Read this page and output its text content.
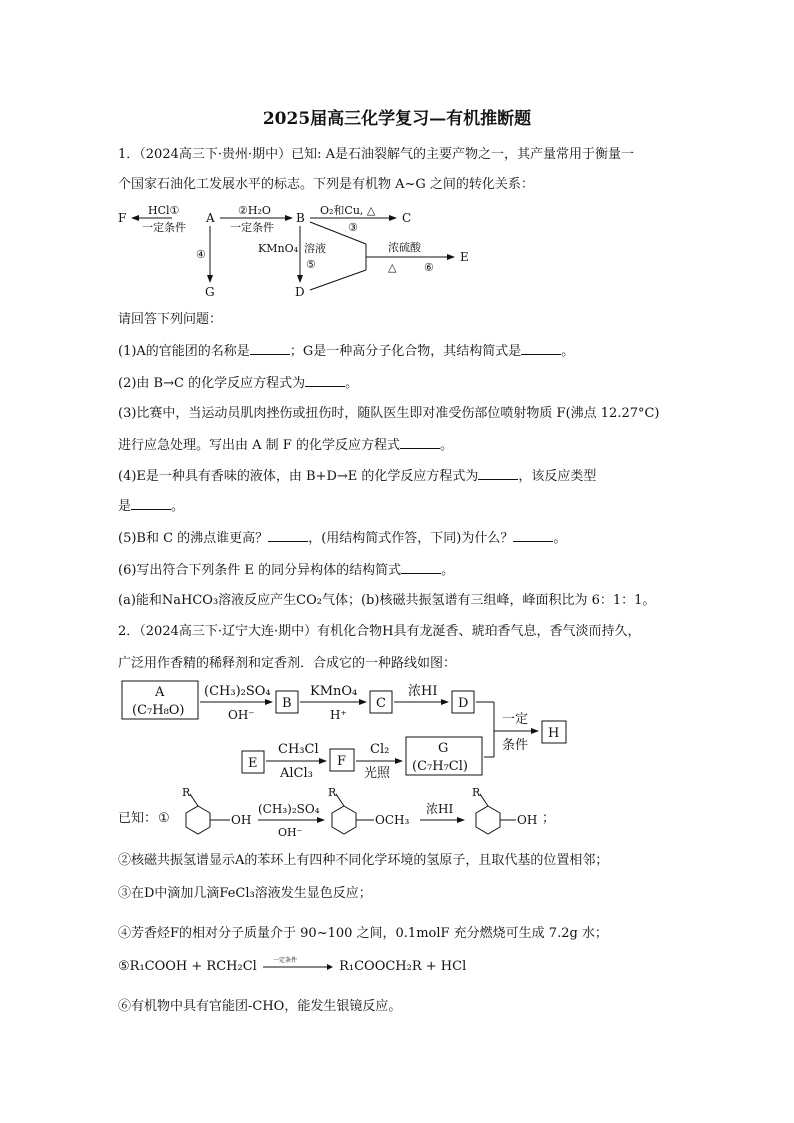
2025届高三化学复习—有机推断题
1．（2024高三下·贵州·期中）已知: A是石油裂解气的主要产物之一，其产量常用于衡量一
个国家石油化工发展水平的标志。下列是有机物 A~G 之间的转化关系：
F
HCl①
一定条件
A
②H₂O
一定条件
B
O₂和Cu, △
③
C
④
G
KMnO₄ 溶液
⑤
D
浓硫酸
△	⑥
E
请回答下列问题：
(1)A的官能团的名称是	；G是一种高分子化合物，其结构简式是	。
(2)由 B→C 的化学反应方程式为	。
(3)比赛中，当运动员肌肉挫伤或扭伤时，随队医生即对准受伤部位喷射物质 F(沸点 12.27°C)
进行应急处理。写出由 A 制 F 的化学反应方程式	。
(4)E是一种具有香味的液体，由 B+D→E 的化学反应方程式为	，该反应类型
是	。
(5)B和 C 的沸点谁更高？	，(用结构简式作答，下同)为什么？	。
(6)写出符合下列条件 E 的同分异构体的结构简式	。
(a)能和NaHCO₃溶液反应产生CO₂气体；(b)核磁共振氢谱有三组峰，峰面积比为 6：1：1。
2．（2024高三下·辽宁大连·期中）有机化合物H具有龙涎香、琥珀香气息，香气淡而持久，
广泛用作香精的稀释剂和定香剂．合成它的一种路线如图：
A
(C₇H₈O)
(CH₃)₂SO₄
OH⁻
B
KMnO₄
H⁺
C
浓HI
D
一定
条件
H
E
CH₃Cl
AlCl₃
F
Cl₂
光照
G
(C₇H₇Cl)
已知： ①
R
OH
(CH₃)₂SO₄
OH⁻
R
OCH₃
浓HI
R
OH ；
②核磁共振氢谱显示A的苯环上有四种不同化学环境的氢原子，且取代基的位置相邻；
③在D中滴加几滴FeCl₃溶液发生显色反应；
④芳香烃F的相对分子质量介于 90~100 之间，0.1molF 充分燃烧可生成 7.2g 水；
⑤R₁COOH + RCH₂Cl	一定条件	R₁COOCH₂R + HCl
⑥有机物中具有官能团-CHO，能发生银镜反应。
